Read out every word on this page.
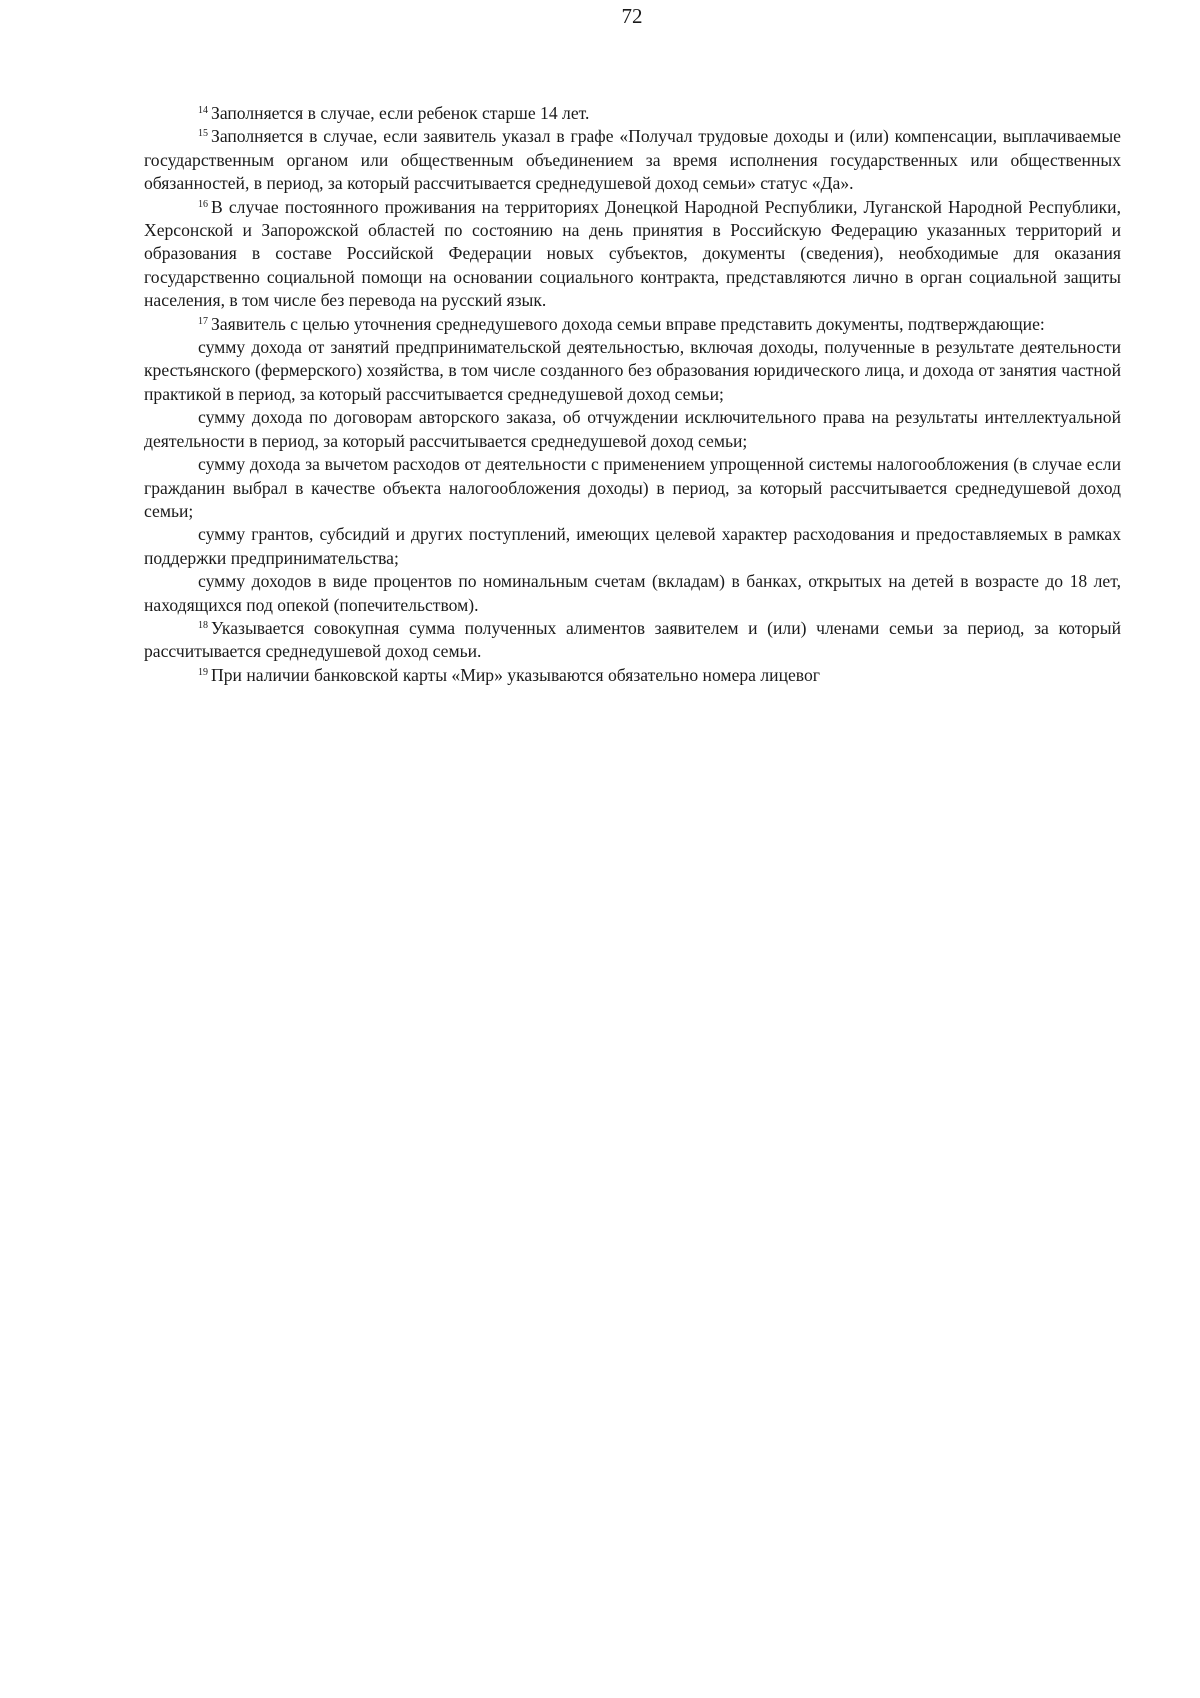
72

$^{14}$ Заполняется в случае, если ребенок старше 14 лет.

$^{15}$ Заполняется в случае, если заявитель указал в графе «Получал трудовые доходы и (или) компенсации, выплачиваемые государственным органом или общественным объединением за время исполнения государственных или общественных обязанностей, в период, за который рассчитывается среднедушевой доход семьи» статус «Да».

$^{16}$ В случае постоянного проживания на территориях Донецкой Народной Республики, Луганской Народной Республики, Херсонской и Запорожской областей по состоянию на день принятия в Российскую Федерацию указанных территорий и образования в составе Российской Федерации новых субъектов, документы (сведения), необходимые для оказания государственно социальной помощи на основании социального контракта, представляются лично в орган социальной защиты населения, в том числе без перевода на русский язык.

$^{17}$ Заявитель с целью уточнения среднедушевого дохода семьи вправе представить документы, подтверждающие:

сумму дохода от занятий предпринимательской деятельностью, включая доходы, полученные в результате деятельности крестьянского (фермерского) хозяйства, в том числе созданного без образования юридического лица, и дохода от занятия частной практикой в период, за который рассчитывается среднедушевой доход семьи;

сумму дохода по договорам авторского заказа, об отчуждении исключительного права на результаты интеллектуальной деятельности в период, за который рассчитывается среднедушевой доход семьи;

сумму дохода за вычетом расходов от деятельности с применением упрощенной системы налогообложения (в случае если гражданин выбрал в качестве объекта налогообложения доходы) в период, за который рассчитывается среднедушевой доход семьи;

сумму грантов, субсидий и других поступлений, имеющих целевой характер расходования и предоставляемых в рамках поддержки предпринимательства;

сумму доходов в виде процентов по номинальным счетам (вкладам) в банках, открытых на детей в возрасте до 18 лет, находящихся под опекой (попечительством).

$^{18}$ Указывается совокупная сумма полученных алиментов заявителем и (или) членами семьи за период, за который рассчитывается среднедушевой доход семьи.

$^{19}$ При наличии банковской карты «Мир» указываются обязательно номера лицевог
